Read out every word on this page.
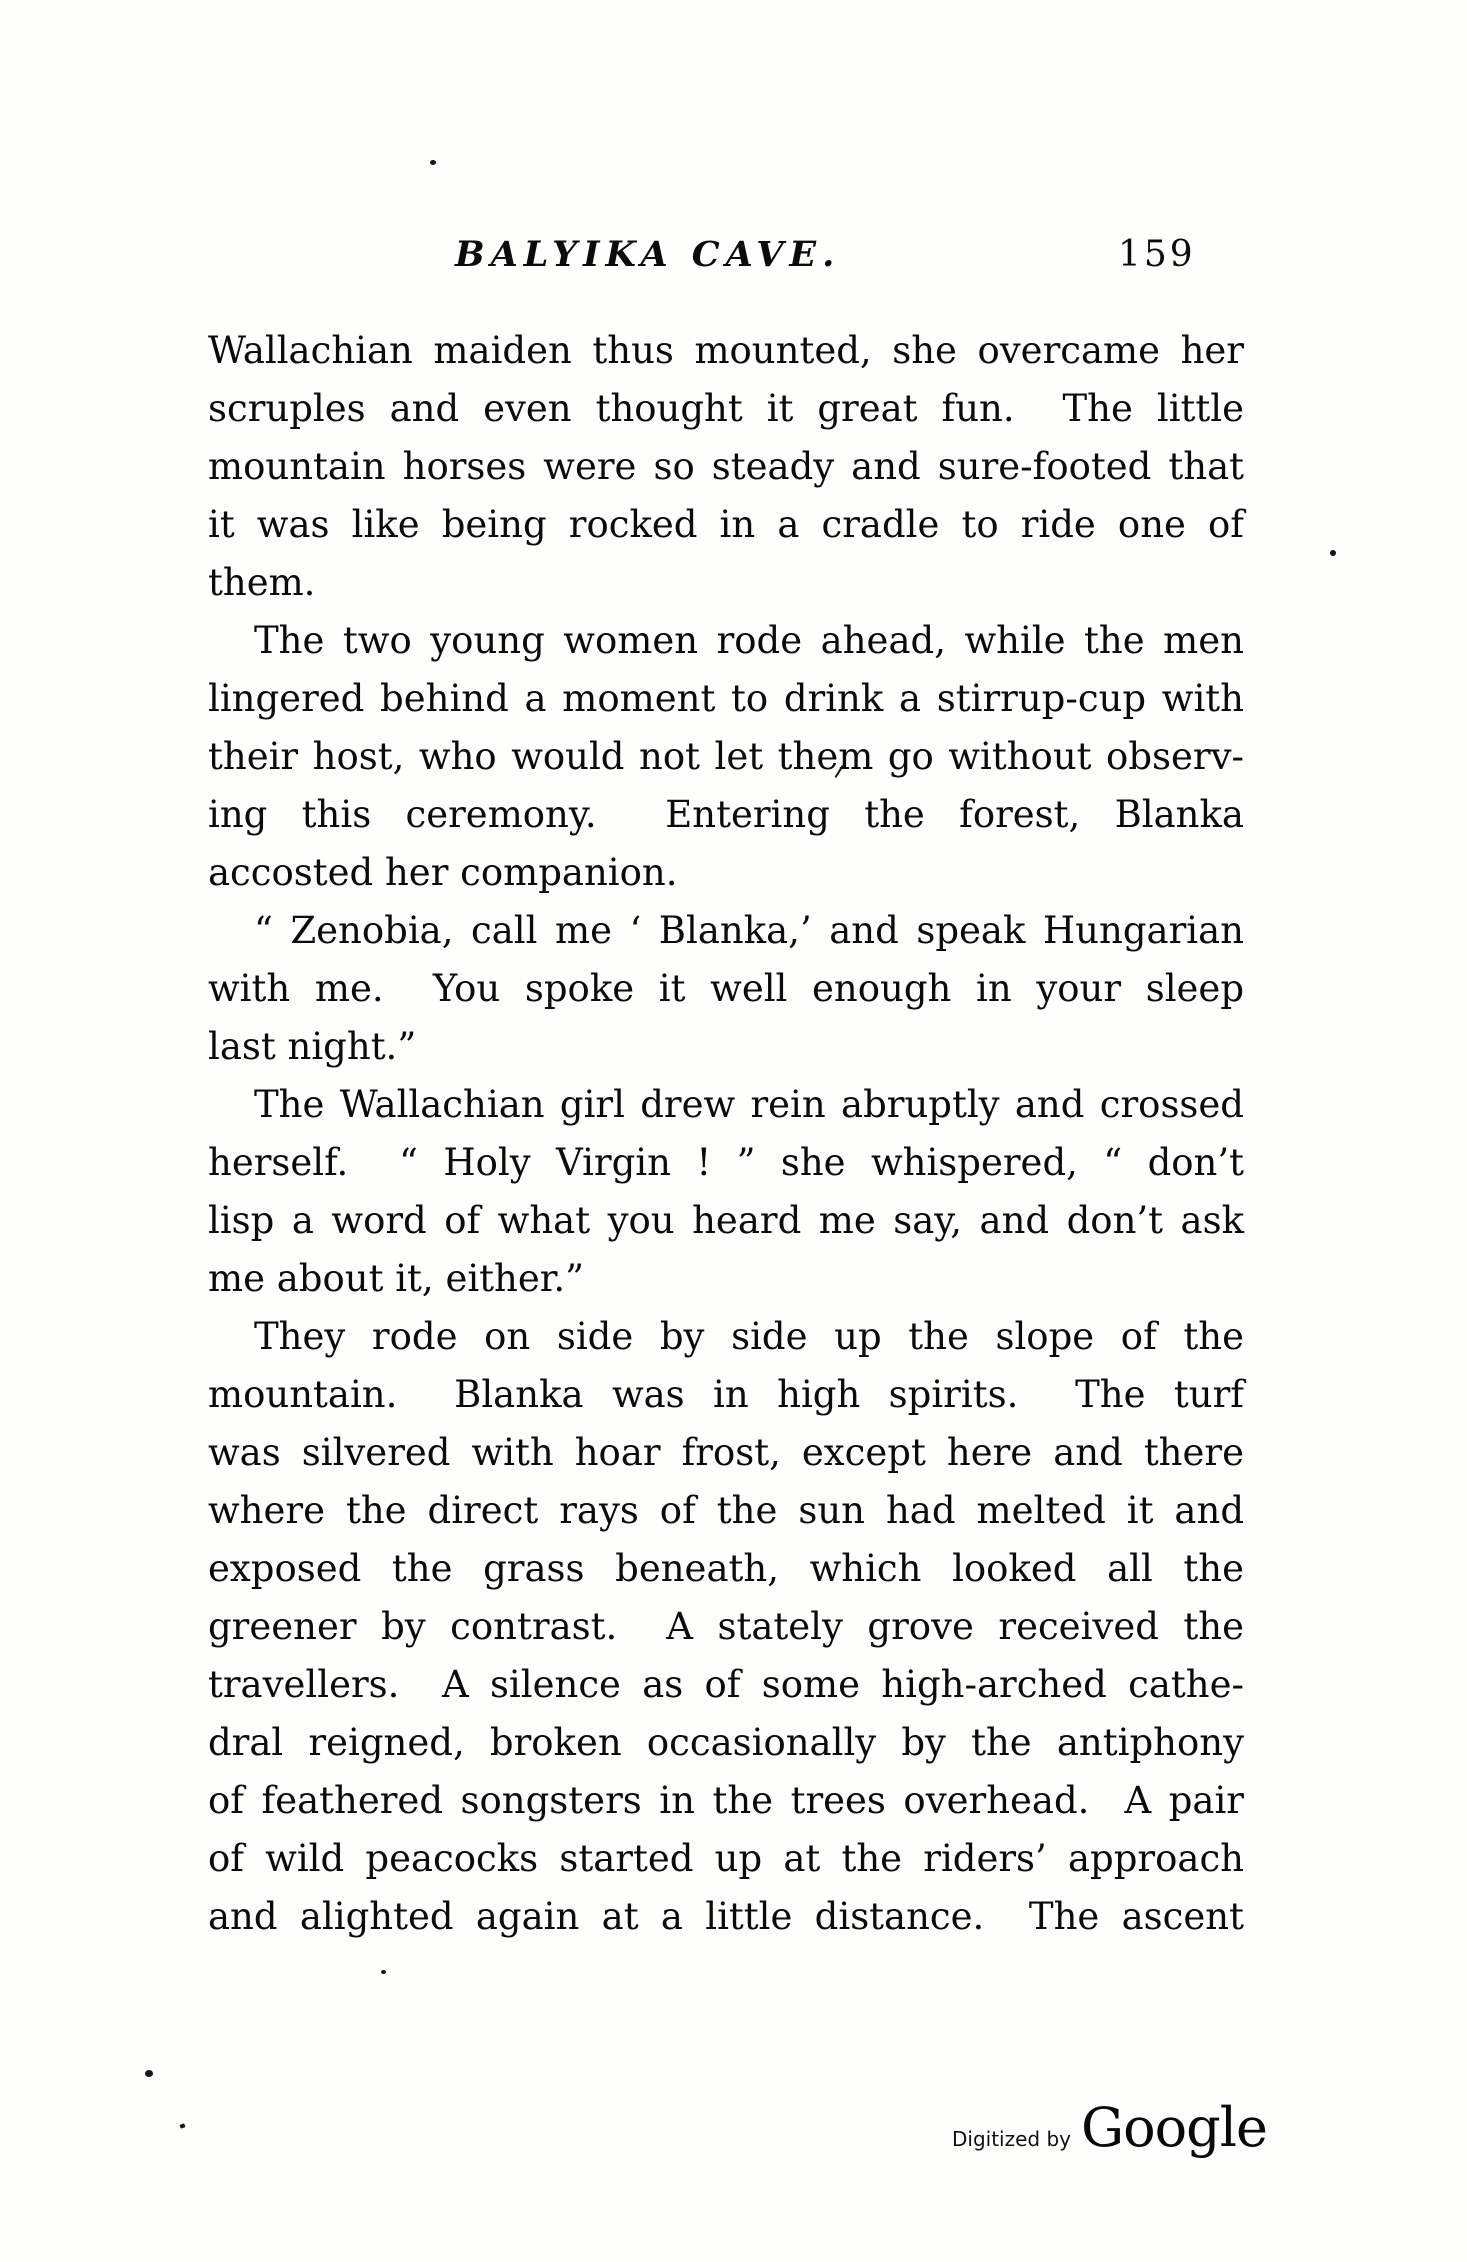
BALYIKA CAVE.	159
Wallachian maiden thus mounted, she overcame her
scruples and even thought it great fun.  The little
mountain horses were so steady and sure-footed that
it was like being rocked in a cradle to ride one of
them.
The two young women rode ahead, while the men
lingered behind a moment to drink a stirrup-cup with
their host, who would not let them go without observ-
ing this ceremony.  Entering the forest, Blanka
accosted her companion.
“ Zenobia, call me ‘ Blanka,’ and speak Hungarian
with me.  You spoke it well enough in your sleep
last night.”
The Wallachian girl drew rein abruptly and crossed
herself.  “ Holy Virgin ! ” she whispered, “ don’t
lisp a word of what you heard me say, and don’t ask
me about it, either.”
They rode on side by side up the slope of the
mountain.  Blanka was in high spirits.  The turf
was silvered with hoar frost, except here and there
where the direct rays of the sun had melted it and
exposed the grass beneath, which looked all the
greener by contrast.  A stately grove received the
travellers.  A silence as of some high-arched cathe-
dral reigned, broken occasionally by the antiphony
of feathered songsters in the trees overhead.  A pair
of wild peacocks started up at the riders’ approach
and alighted again at a little distance.  The ascent
Digitized by Google
